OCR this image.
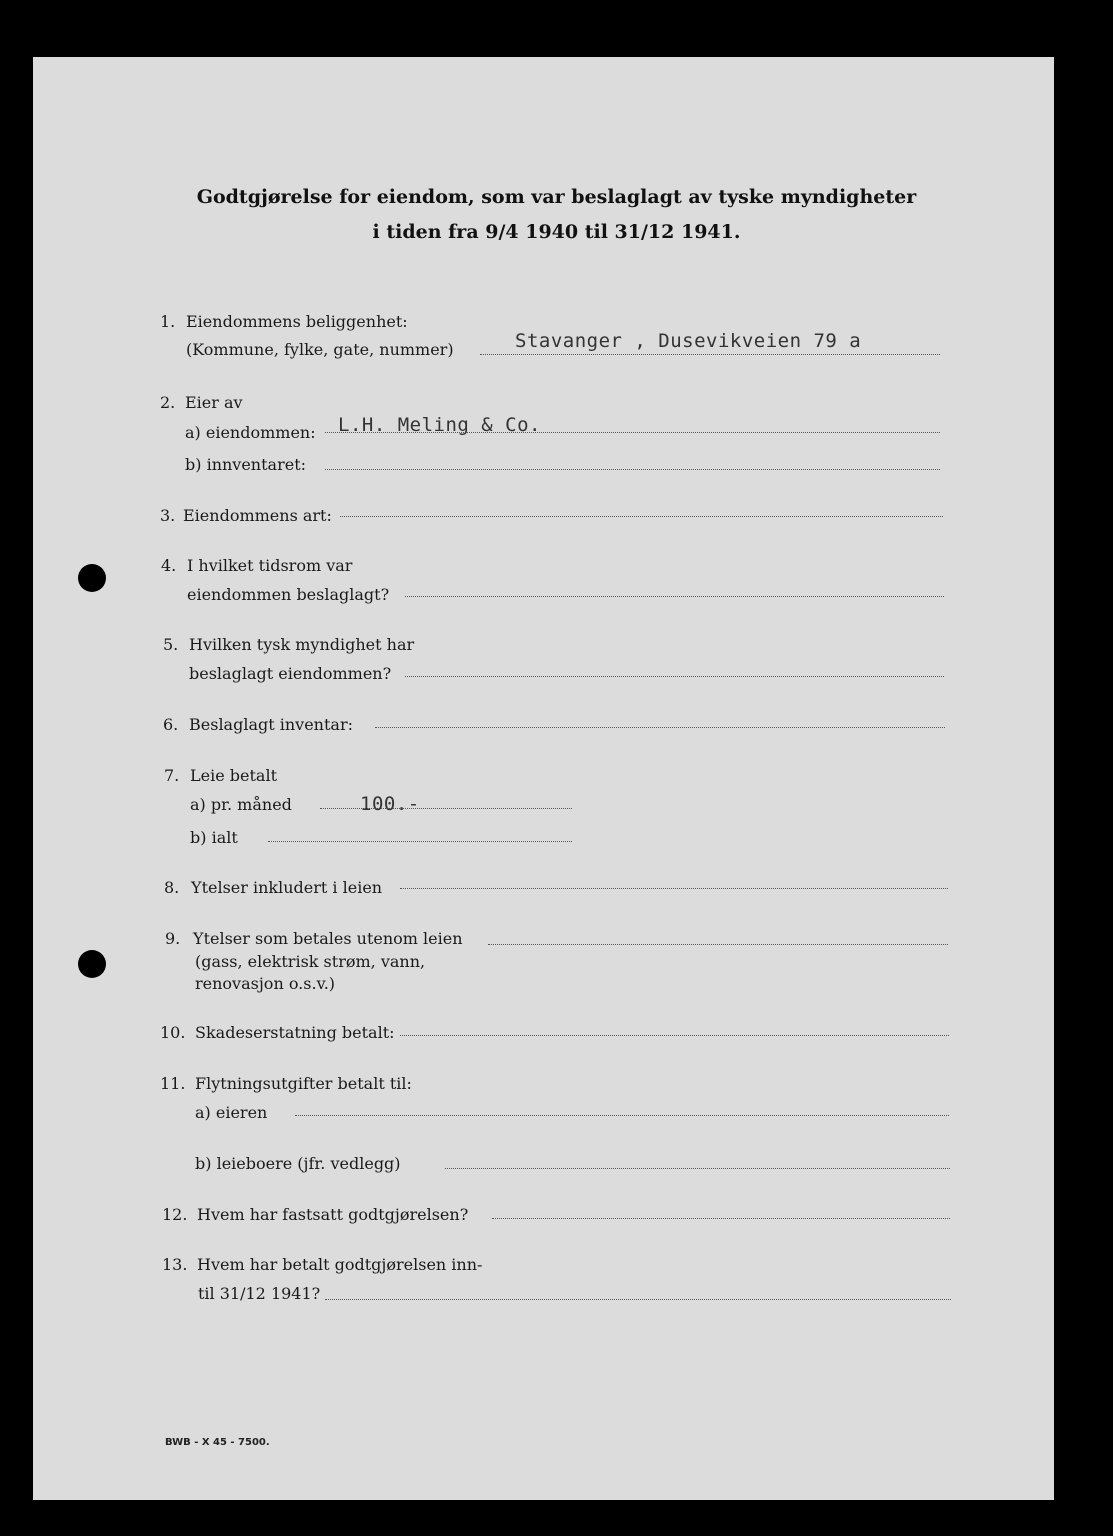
Godtgjørelse for eiendom, som var beslaglagt av tyske myndigheter
i tiden fra 9/4 1940 til 31/12 1941.
1. Eiendommens beliggenhet:
(Kommune, fylke, gate, nummer)	Stavanger , Dusevikveien 79 a
2. Eier av
a) eiendommen: L.H. Meling & Co.
b) innventaret:
3. Eiendommens art:
4. I hvilket tidsrom var
eiendommen beslaglagt?
5. Hvilken tysk myndighet har
beslaglagt eiendommen?
6. Beslaglagt inventar:
7. Leie betalt
a) pr. måned	100.-
b) ialt
8. Ytelser inkludert i leien
9. Ytelser som betales utenom leien
(gass, elektrisk strøm, vann,
renovasjon o.s.v.)
10. Skadeserstatning betalt:
11. Flytningsutgifter betalt til:
a) eieren
b) leieboere (jfr. vedlegg)
12. Hvem har fastsatt godtgjørelsen?
13. Hvem har betalt godtgjørelsen inn-
til 31/12 1941?
BWB - X 45 - 7500.
